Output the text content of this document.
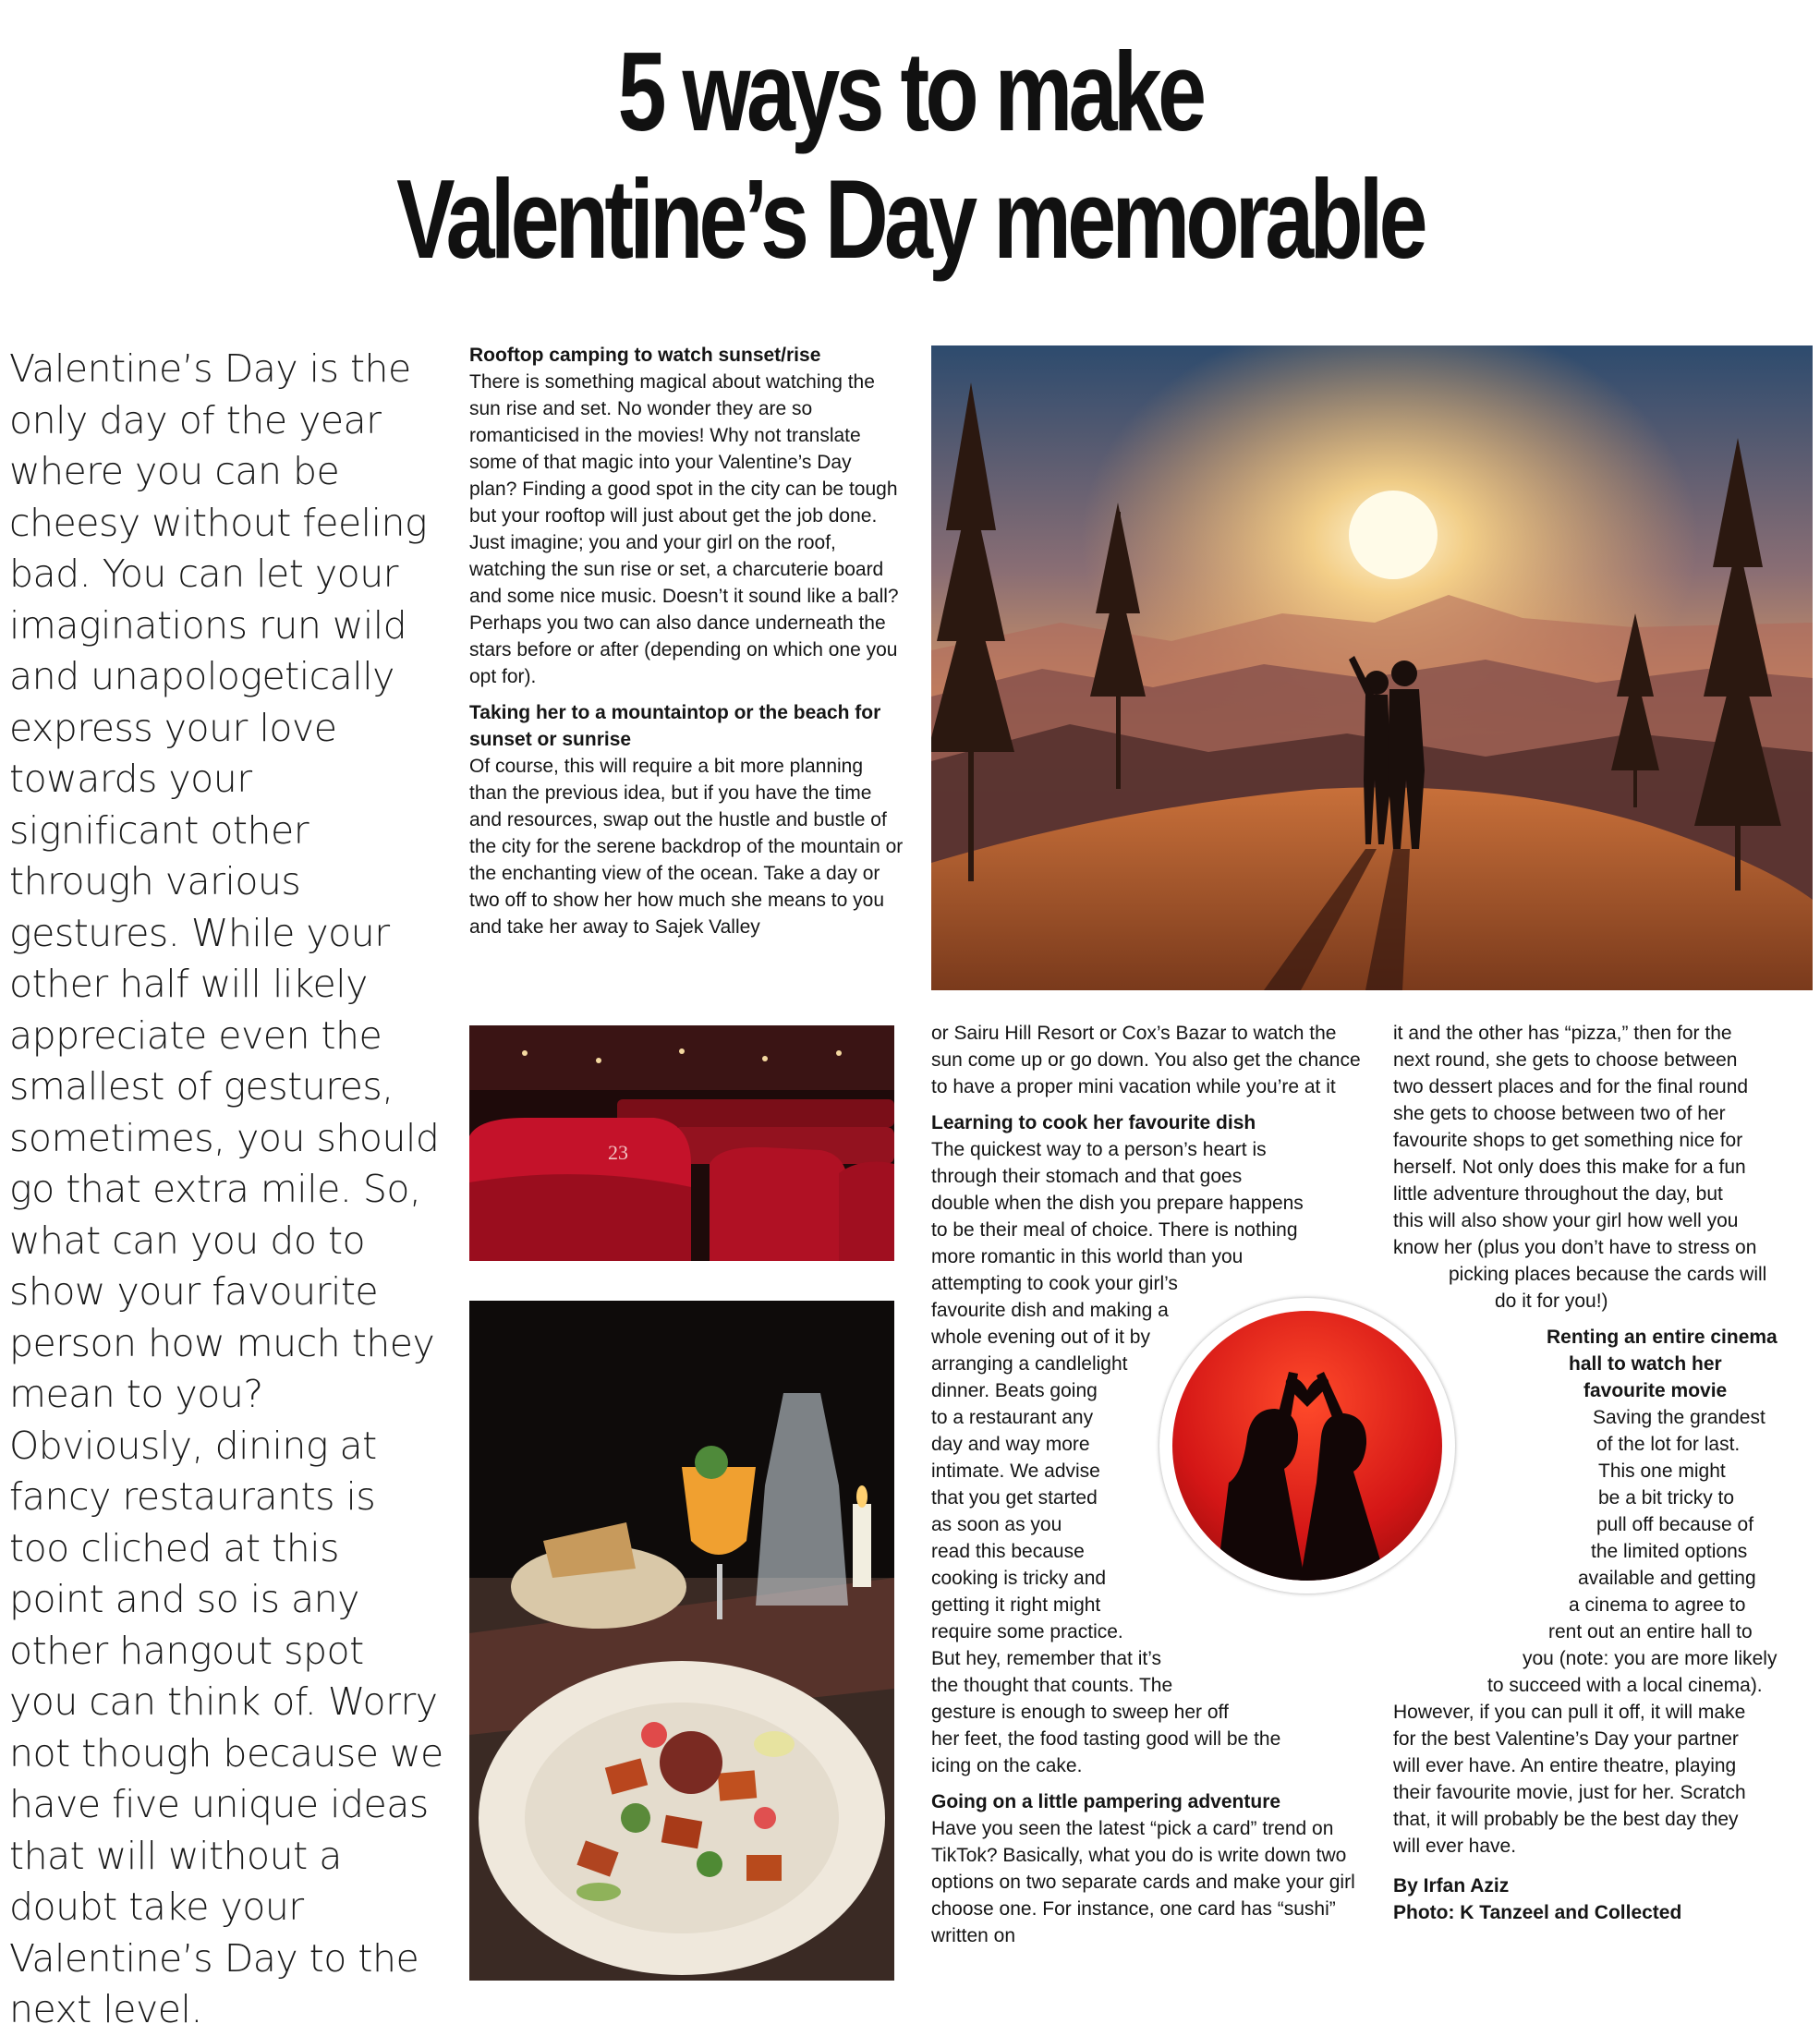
5 ways to make
Valentine’s Day memorable
Valentine’s Day is the only day of the year where you can be cheesy without feeling bad. You can let your imaginations run wild and unapologetically express your love towards your significant other through various gestures. While your other half will likely appreciate even the smallest of gestures, sometimes, you should go that extra mile. So, what can you do to show your favourite person how much they mean to you? Obviously, dining at fancy restaurants is too cliched at this point and so is any other hangout spot you can think of. Worry not though because we have five unique ideas that will without a doubt take your Valentine’s Day to the next level.
Rooftop camping to watch sunset/rise

There is something magical about watching the sun rise and set. No wonder they are so romanticised in the movies! Why not translate some of that magic into your Valentine’s Day plan? Finding a good spot in the city can be tough but your rooftop will just about get the job done. Just imagine; you and your girl on the roof, watching the sun rise or set, a charcuterie board and some nice music. Doesn’t it sound like a ball? Perhaps you two can also dance underneath the stars before or after (depending on which one you opt for).

Taking her to a mountaintop or the beach for sunset or sunrise

Of course, this will require a bit more planning than the previous idea, but if you have the time and resources, swap out the hustle and bustle of the city for the serene backdrop of the mountain or the enchanting view of the ocean. Take a day or two off to show her how much she means to you and take her away to Sajek Valley

23

or Sairu Hill Resort or Cox’s Bazar to watch the sun come up or go down. You also get the chance to have a proper mini vacation while you’re at it

Learning to cook her favourite dish
The quickest way to a person’s heart is
through their stomach and that goes
double when the dish you prepare happens
to be their meal of choice. There is nothing
more romantic in this world than you
attempting to cook your girl’s
favourite dish and making a
whole evening out of it by
arranging a candlelight
dinner. Beats going
to a restaurant any
day and way more
intimate. We advise
that you get started
as soon as you
read this because
cooking is tricky and
getting it right might
require some practice.
But hey, remember that it’s
the thought that counts. The
gesture is enough to sweep her off
her feet, the food tasting good will be the
icing on the cake.
Going on a little pampering adventure

Have you seen the latest “pick a card” trend on TikTok? Basically, what you do is write down two options on two separate cards and make your girl choose one. For instance, one card has “sushi” written on

it and the other has “pizza,” then for the
next round, she gets to choose between
two dessert places and for the final round
she gets to choose between two of her
favourite shops to get something nice for
herself. Not only does this make for a fun
little adventure throughout the day, but
this will also show your girl how well you
know her (plus you don’t have to stress on
picking places because the cards will
do it for you!)
Renting an entire cinema
hall to watch her
favourite movie
Saving the grandest
of the lot for last.
This one might
be a bit tricky to
pull off because of
the limited options
available and getting
a cinema to agree to
rent out an entire hall to
you (note: you are more likely
to succeed with a local cinema).
However, if you can pull it off, it will make
for the best Valentine’s Day your partner
will ever have. An entire theatre, playing
their favourite movie, just for her. Scratch
that, it will probably be the best day they
will ever have.
By Irfan Aziz
Photo: K Tanzeel and Collected
